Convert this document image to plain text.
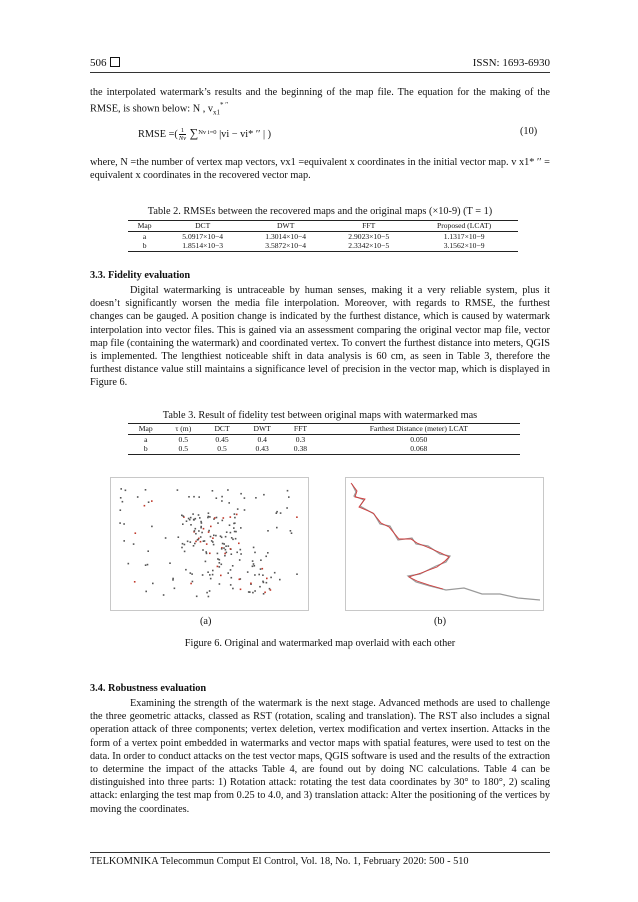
506	ISSN: 1693-6930

the interpolated watermark’s results and the beginning of the map file. The equation for the making of the RMSE, is shown below: N , $v_{x1}^{* ''}$

RMSE =( $\frac{1}{Nv} \sum^{Nv i=0}$ |vi − vi* ′′ | )	(10)

where, N =the number of vertex map vectors, vx1 =equivalent x coordinates in the initial vector map. v x1* ′′ = equivalent x coordinates in the recovered vector map.

Table 2. RMSEs between the recovered maps and the original maps (×10-9) (T = 1)
Map	DCT	DWT	FFT	Proposed (LCAT)
a	5.0917×10−4	1.3014×10−4	2.9023×10−5	1.1317×10−9
b	1.8514×10−3	3.5872×10−4	2.3342×10−5	3.1562×10−9
3.3. Fidelity evaluation

Digital watermarking is untraceable by human senses, making it a very reliable system, plus it doesn’t significantly worsen the media file interpolation. Moreover, with regards to RMSE, the furthest changes can be gauged. A position change is indicated by the furthest distance, which is caused by watermark interpolation into vector files. This is gained via an assessment comparing the original vector map file, vector map file (containing the watermark) and coordinated vertex. To convert the furthest distance into meters, QGIS is implemented. The lengthiest noticeable shift in data analysis is 60 cm, as seen in Table 3, therefore the furthest distance value still maintains a significance level of precision in the vector map, which is displayed in Figure 6.

Table 3. Result of fidelity test between original maps with watermarked mas
Map	τ (m)	DCT	DWT	FFT	Farthest Distance (meter) LCAT
a	0.5	0.45	0.4	0.3	0.050
b	0.5	0.5	0.43	0.38	0.068
(a)	(b)
Figure 6. Original and watermarked map overlaid with each other
3.4. Robustness evaluation

Examining the strength of the watermark is the next stage. Advanced methods are used to challenge the three geometric attacks, classed as RST (rotation, scaling and translation). The RST also includes a signal operation attack of three components; vertex deletion, vertex modification and vertex insertion. Attacks in the form of a vertex point embedded in watermarks and vector maps with spatial features, were used to test on the data. In order to conduct attacks on the test vector maps, QGIS software is used and the results of the extraction to determine the impact of the attacks Table 4, are found out by doing NC calculations. Table 4 can be distinguished into three parts: 1) Rotation attack: rotating the test data coordinates by 30° to 180°, 2) scaling attack: enlarging the test map from 0.25 to 4.0, and 3) translation attack: Alter the positioning of the vertices by moving the coordinates.

TELKOMNIKA Telecommun Comput El Control, Vol. 18, No. 1, February 2020: 500 - 510
